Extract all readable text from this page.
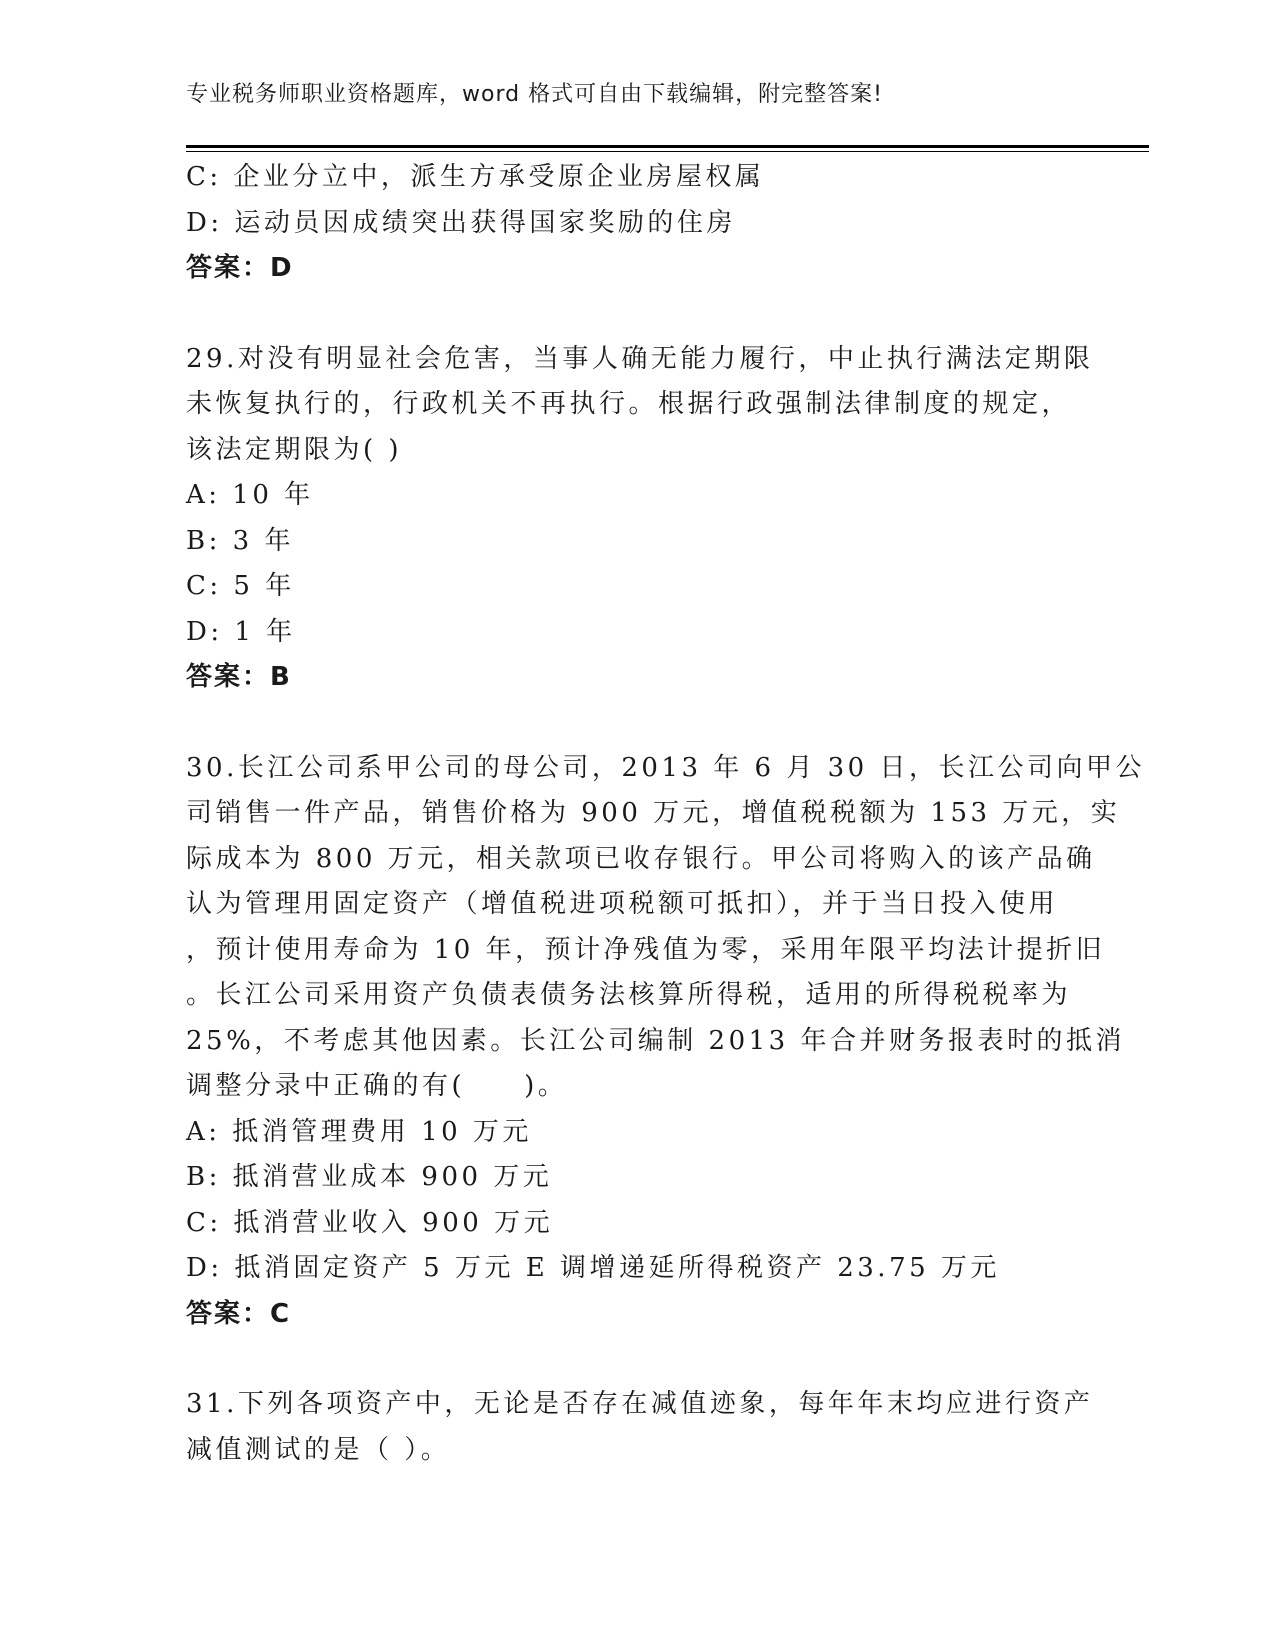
专业税务师职业资格题库，word 格式可自由下载编辑，附完整答案!
C: 企业分立中，派生方承受原企业房屋权属
D: 运动员因成绩突出获得国家奖励的住房
答案：D
29.对没有明显社会危害，当事人确无能力履行，中止执行满法定期限
未恢复执行的，行政机关不再执行。根据行政强制法律制度的规定，
该法定期限为( )
A: 10 年
B: 3 年
C: 5 年
D: 1 年
答案：B
30.长江公司系甲公司的母公司，2013 年 6 月 30 日，长江公司向甲公
司销售一件产品，销售价格为 900 万元，增值税税额为 153 万元，实
际成本为 800 万元，相关款项已收存银行。甲公司将购入的该产品确
认为管理用固定资产（增值税进项税额可抵扣），并于当日投入使用
，预计使用寿命为 10 年，预计净残值为零，采用年限平均法计提折旧
。长江公司采用资产负债表债务法核算所得税，适用的所得税税率为
25%，不考虑其他因素。长江公司编制 2013 年合并财务报表时的抵消
调整分录中正确的有(　　)。
A: 抵消管理费用 10 万元
B: 抵消营业成本 900 万元
C: 抵消营业收入 900 万元
D: 抵消固定资产 5 万元 E 调增递延所得税资产 23.75 万元
答案：C
31.下列各项资产中，无论是否存在减值迹象，每年年末均应进行资产
减值测试的是（ ）。
